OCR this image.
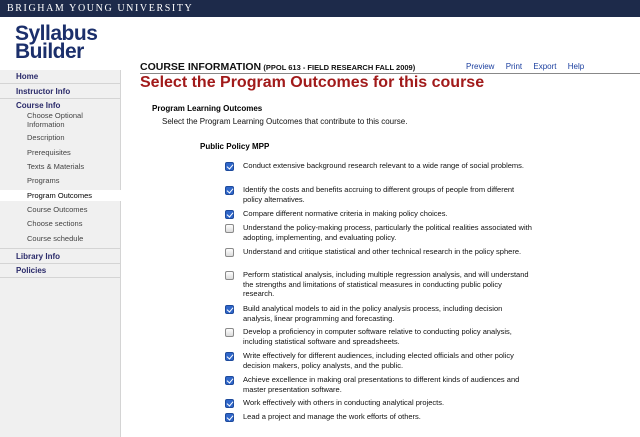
BRIGHAM YOUNG UNIVERSITY
Syllabus
Builder
COURSE INFORMATION (PPOL 613 - FIELD RESEARCH FALL 2009)	Preview Print Export Help
Home
Instructor Info
Course Info
Choose Optional
Information
Description
Prerequisites
Texts & Materials
Programs
Program Outcomes
Course Outcomes
Choose sections
Course schedule
Library Info
Policies
Select the Program Outcomes for this course
Program Learning Outcomes
Select the Program Learning Outcomes that contribute to this course.
Public Policy MPP
Conduct extensive background research relevant to a wide range of social problems.
Identify the costs and benefits accruing to different groups of people from different policy alternatives.
Compare different normative criteria in making policy choices.
Understand the policy-making process, particularly the political realities associated with adopting, implementing, and evaluating policy.
Understand and critique statistical and other technical research in the policy sphere.
Perform statistical analysis, including multiple regression analysis, and will understand the strengths and limitations of statistical measures in conducting public policy research.
Build analytical models to aid in the policy analysis process, including decision analysis, linear programming and forecasting.
Develop a proficiency in computer software relative to conducting policy analysis, including statistical software and spreadsheets.
Write effectively for different audiences, including elected officials and other policy decision makers, policy analysts, and the public.
Achieve excellence in making oral presentations to different kinds of audiences and master presentation software.
Work effectively with others in conducting analytical projects.
Lead a project and manage the work efforts of others.
